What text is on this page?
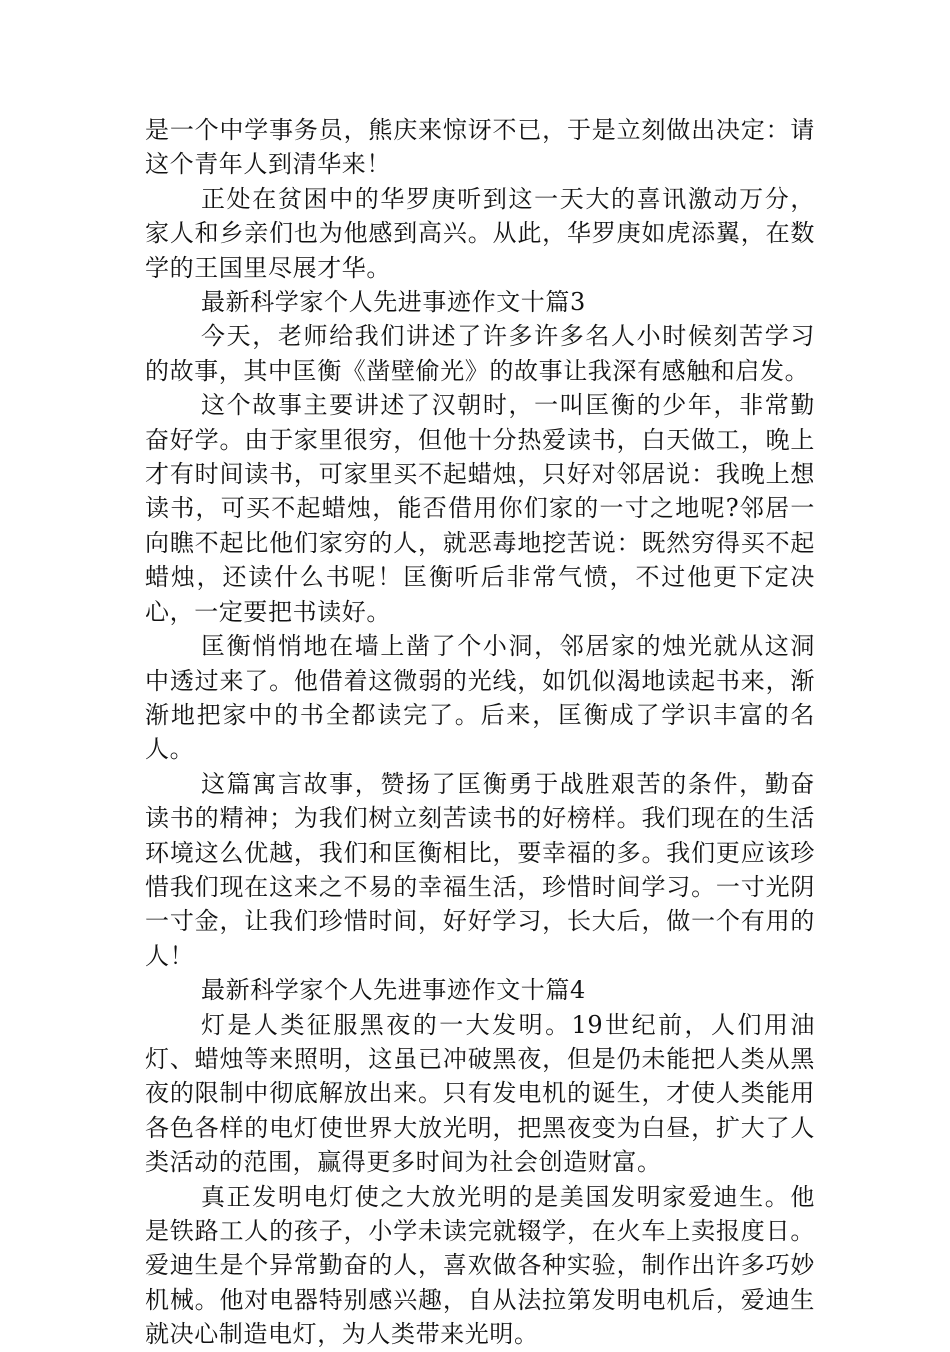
是一个中学事务员，熊庆来惊讶不已，于是立刻做出决定：请这个青年人到清华来！

正处在贫困中的华罗庚听到这一天大的喜讯激动万分，家人和乡亲们也为他感到高兴。从此，华罗庚如虎添翼，在数学的王国里尽展才华。

最新科学家个人先进事迹作文十篇3

今天，老师给我们讲述了许多许多名人小时候刻苦学习的故事，其中匡衡《凿壁偷光》的故事让我深有感触和启发。

这个故事主要讲述了汉朝时，一叫匡衡的少年，非常勤奋好学。由于家里很穷，但他十分热爱读书，白天做工，晚上才有时间读书，可家里买不起蜡烛，只好对邻居说：我晚上想读书，可买不起蜡烛，能否借用你们家的一寸之地呢?邻居一向瞧不起比他们家穷的人，就恶毒地挖苦说：既然穷得买不起蜡烛，还读什么书呢！匡衡听后非常气愤，不过他更下定决心，一定要把书读好。

匡衡悄悄地在墙上凿了个小洞，邻居家的烛光就从这洞中透过来了。他借着这微弱的光线，如饥似渴地读起书来，渐渐地把家中的书全都读完了。后来，匡衡成了学识丰富的名人。

这篇寓言故事，赞扬了匡衡勇于战胜艰苦的条件，勤奋读书的精神；为我们树立刻苦读书的好榜样。我们现在的生活环境这么优越，我们和匡衡相比，要幸福的多。我们更应该珍惜我们现在这来之不易的幸福生活，珍惜时间学习。一寸光阴一寸金，让我们珍惜时间，好好学习，长大后，做一个有用的人！

最新科学家个人先进事迹作文十篇4

灯是人类征服黑夜的一大发明。19世纪前，人们用油灯、蜡烛等来照明，这虽已冲破黑夜，但是仍未能把人类从黑夜的限制中彻底解放出来。只有发电机的诞生，才使人类能用各色各样的电灯使世界大放光明，把黑夜变为白昼，扩大了人类活动的范围，赢得更多时间为社会创造财富。

真正发明电灯使之大放光明的是美国发明家爱迪生。他是铁路工人的孩子，小学未读完就辍学，在火车上卖报度日。爱迪生是个异常勤奋的人，喜欢做各种实验，制作出许多巧妙机械。他对电器特别感兴趣，自从法拉第发明电机后，爱迪生就决心制造电灯，为人类带来光明。
